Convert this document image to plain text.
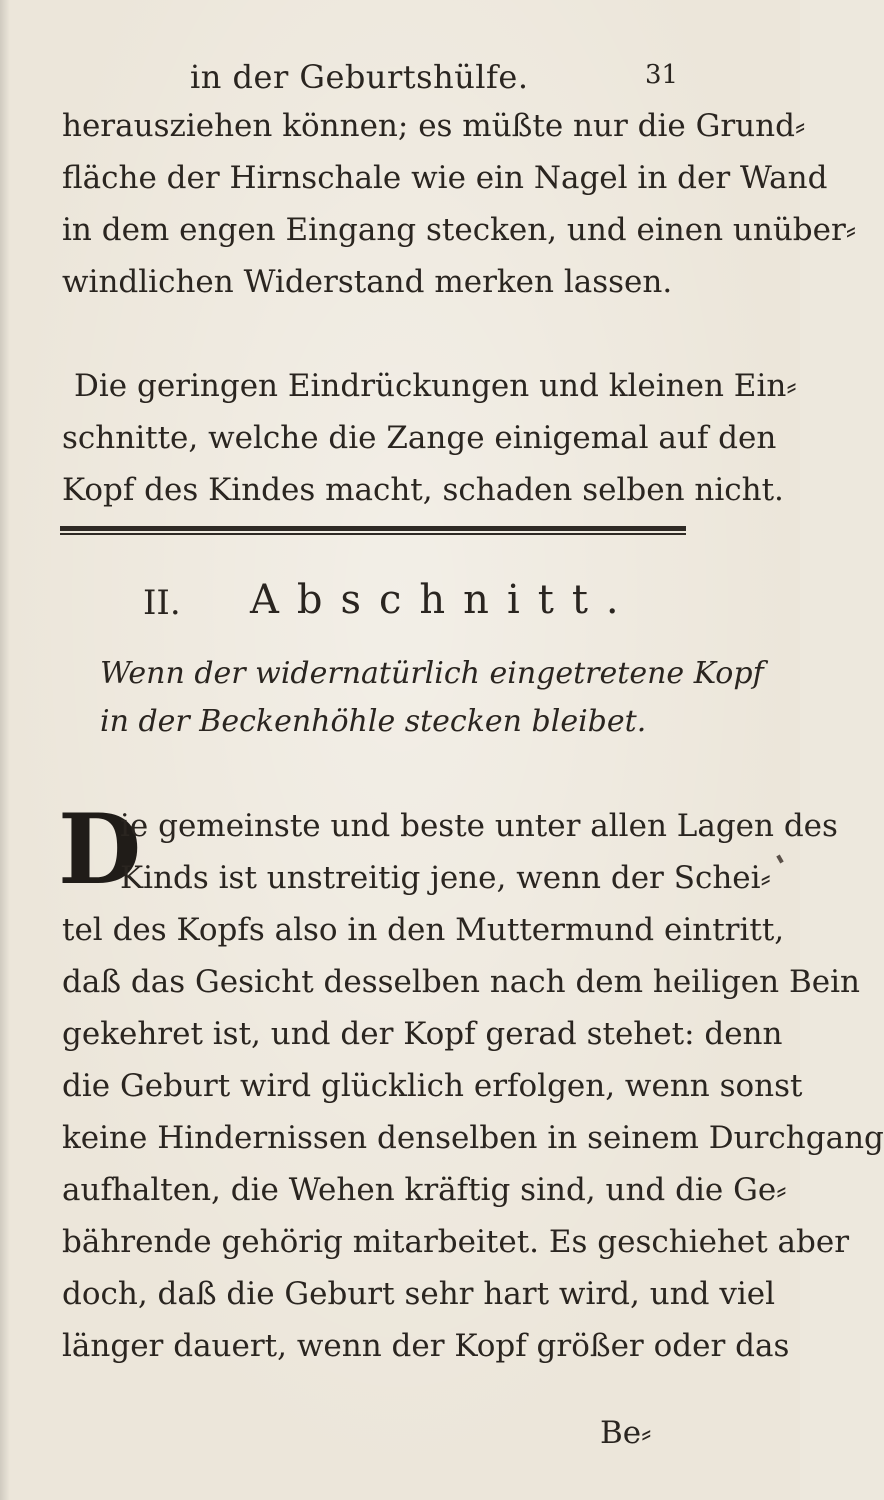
in der Geburtshülfe.	31
herausziehen können; es müßte nur die Grund⸗
fläche der Hirnschale wie ein Nagel in der Wand
in dem engen Eingang stecken, und einen unüber⸗
windlichen Widerstand merken lassen.
Die geringen Eindrückungen und kleinen Ein⸗
schnitte, welche die Zange einigemal auf den
Kopf des Kindes macht, schaden selben nicht.
II. Abschnitt.
Wenn der widernatürlich eingetretene Kopf
in der Beckenhöhle stecken bleibet.
D
ie gemeinste und beste unter allen Lagen des
Kinds ist unstreitig jene, wenn der Schei⸗
tel des Kopfs also in den Muttermund eintritt,
daß das Gesicht desselben nach dem heiligen Bein
gekehret ist, und der Kopf gerad stehet: denn
die Geburt wird glücklich erfolgen, wenn sonst
keine Hindernissen denselben in seinem Durchgang
aufhalten, die Wehen kräftig sind, und die Ge⸗
bährende gehörig mitarbeitet. Es geschiehet aber
doch, daß die Geburt sehr hart wird, und viel
länger dauert, wenn der Kopf größer oder das
Be⸗
